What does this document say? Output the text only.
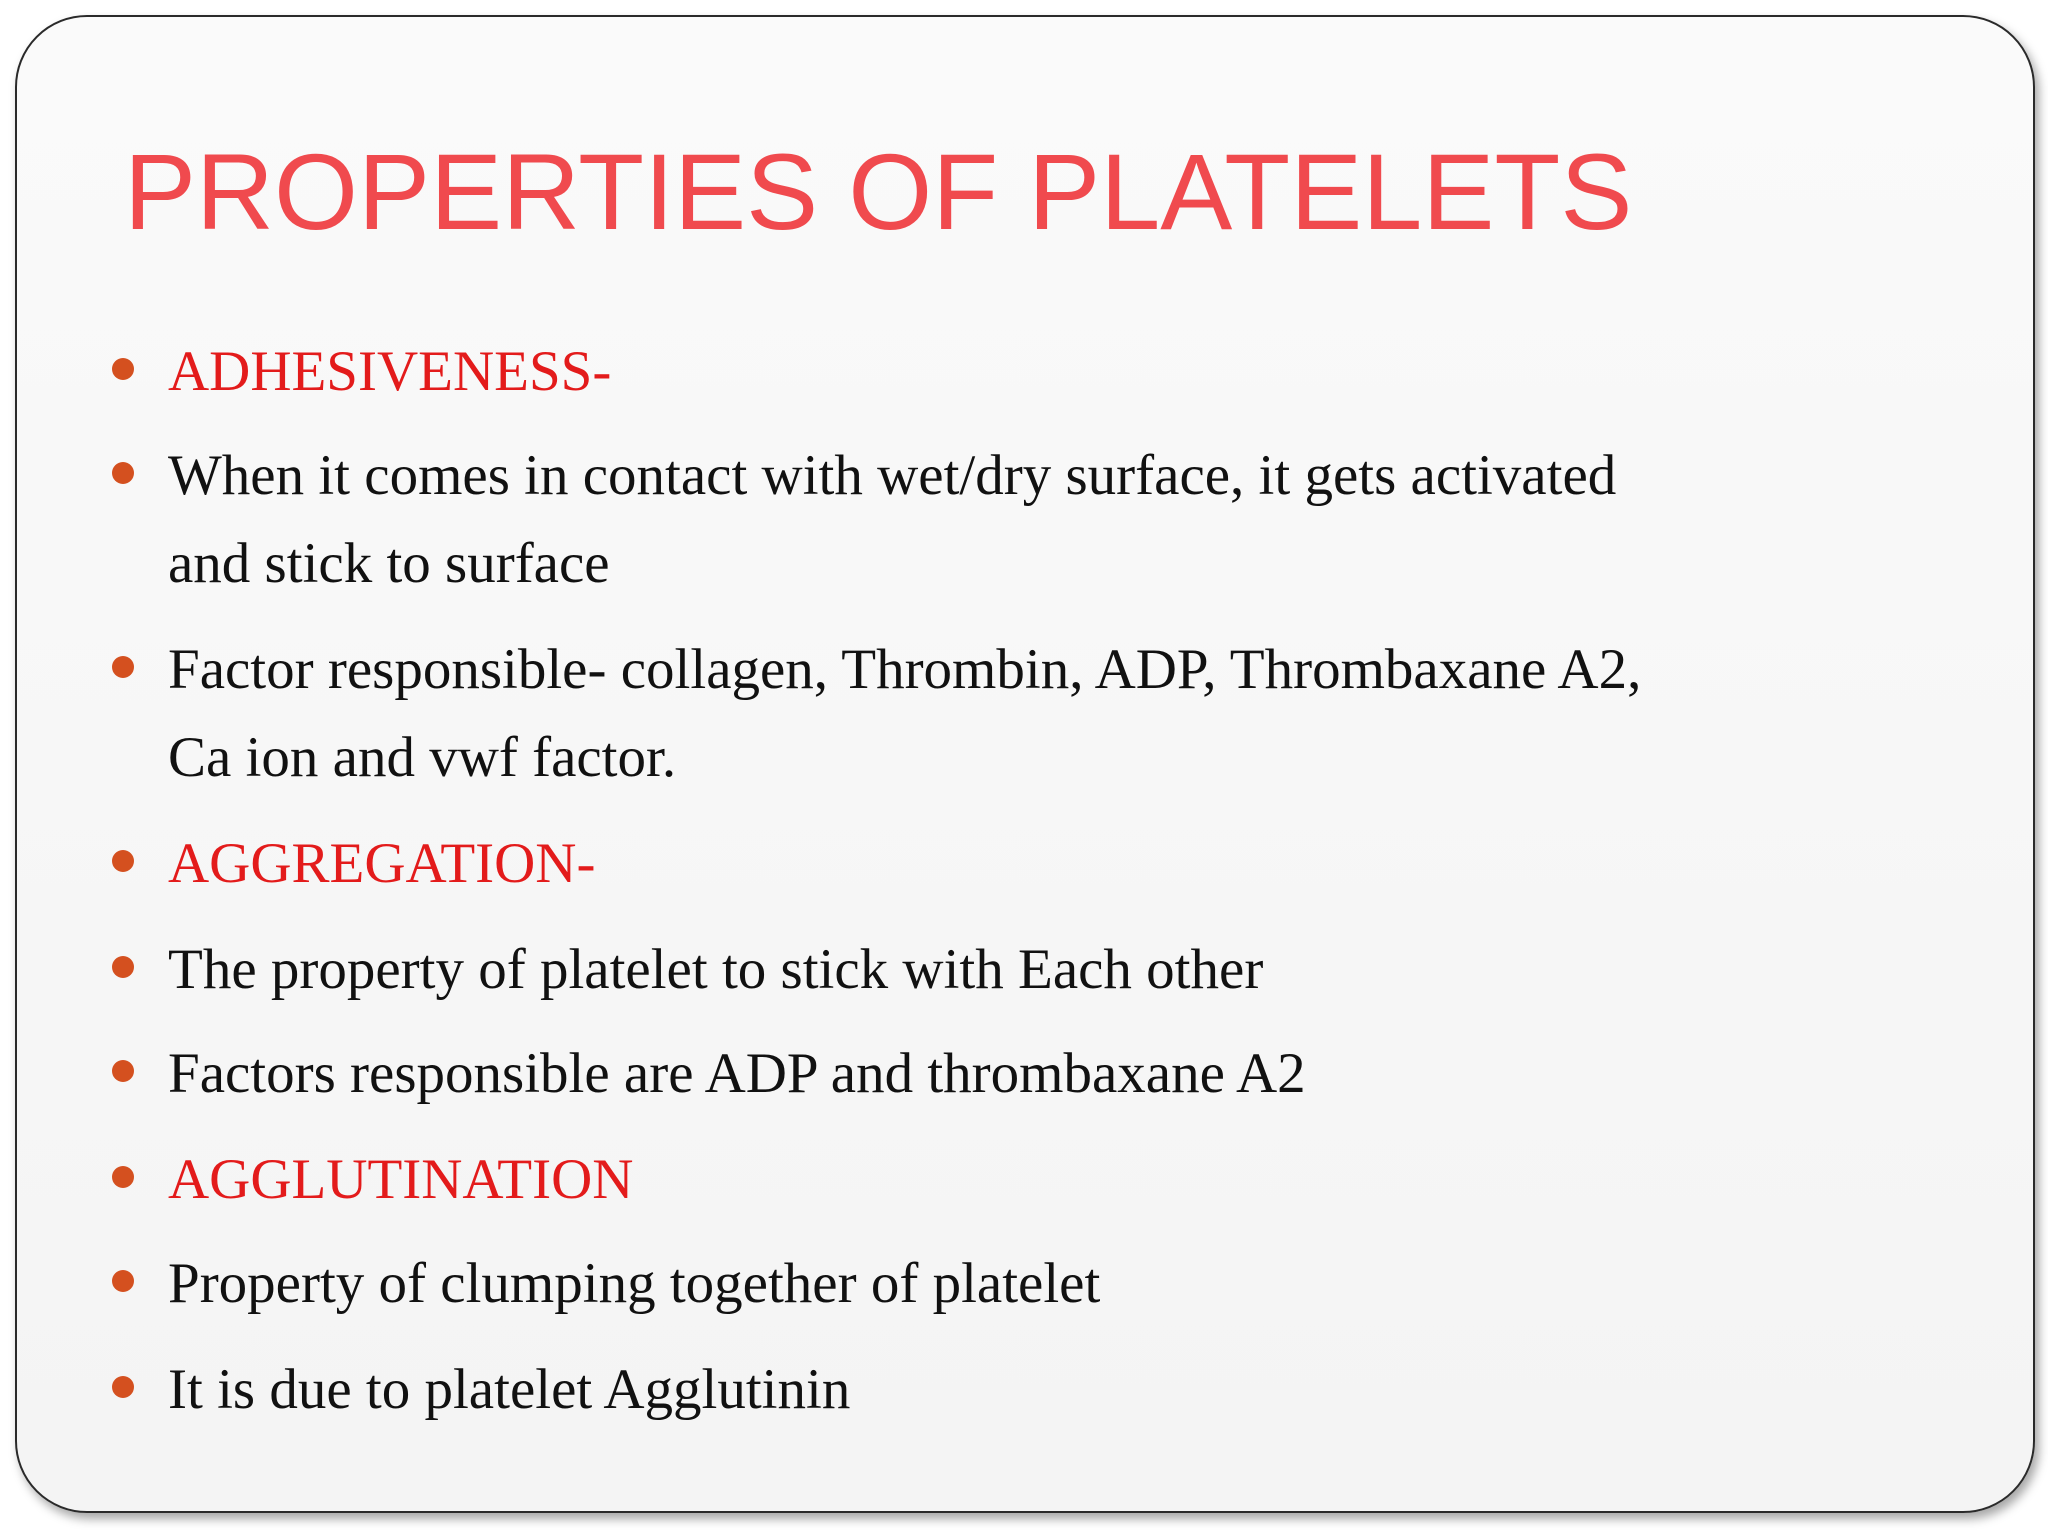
PROPERTIES OF PLATELETS
ADHESIVENESS-
When it comes in contact with wet/dry surface, it gets activated
and stick to surface
Factor responsible- collagen, Thrombin, ADP, Thrombaxane A2,
Ca ion and vwf factor.
AGGREGATION-
The property of platelet to stick with Each other
Factors responsible are ADP and thrombaxane A2
AGGLUTINATION
Property of clumping together of platelet
It is due to platelet Agglutinin
